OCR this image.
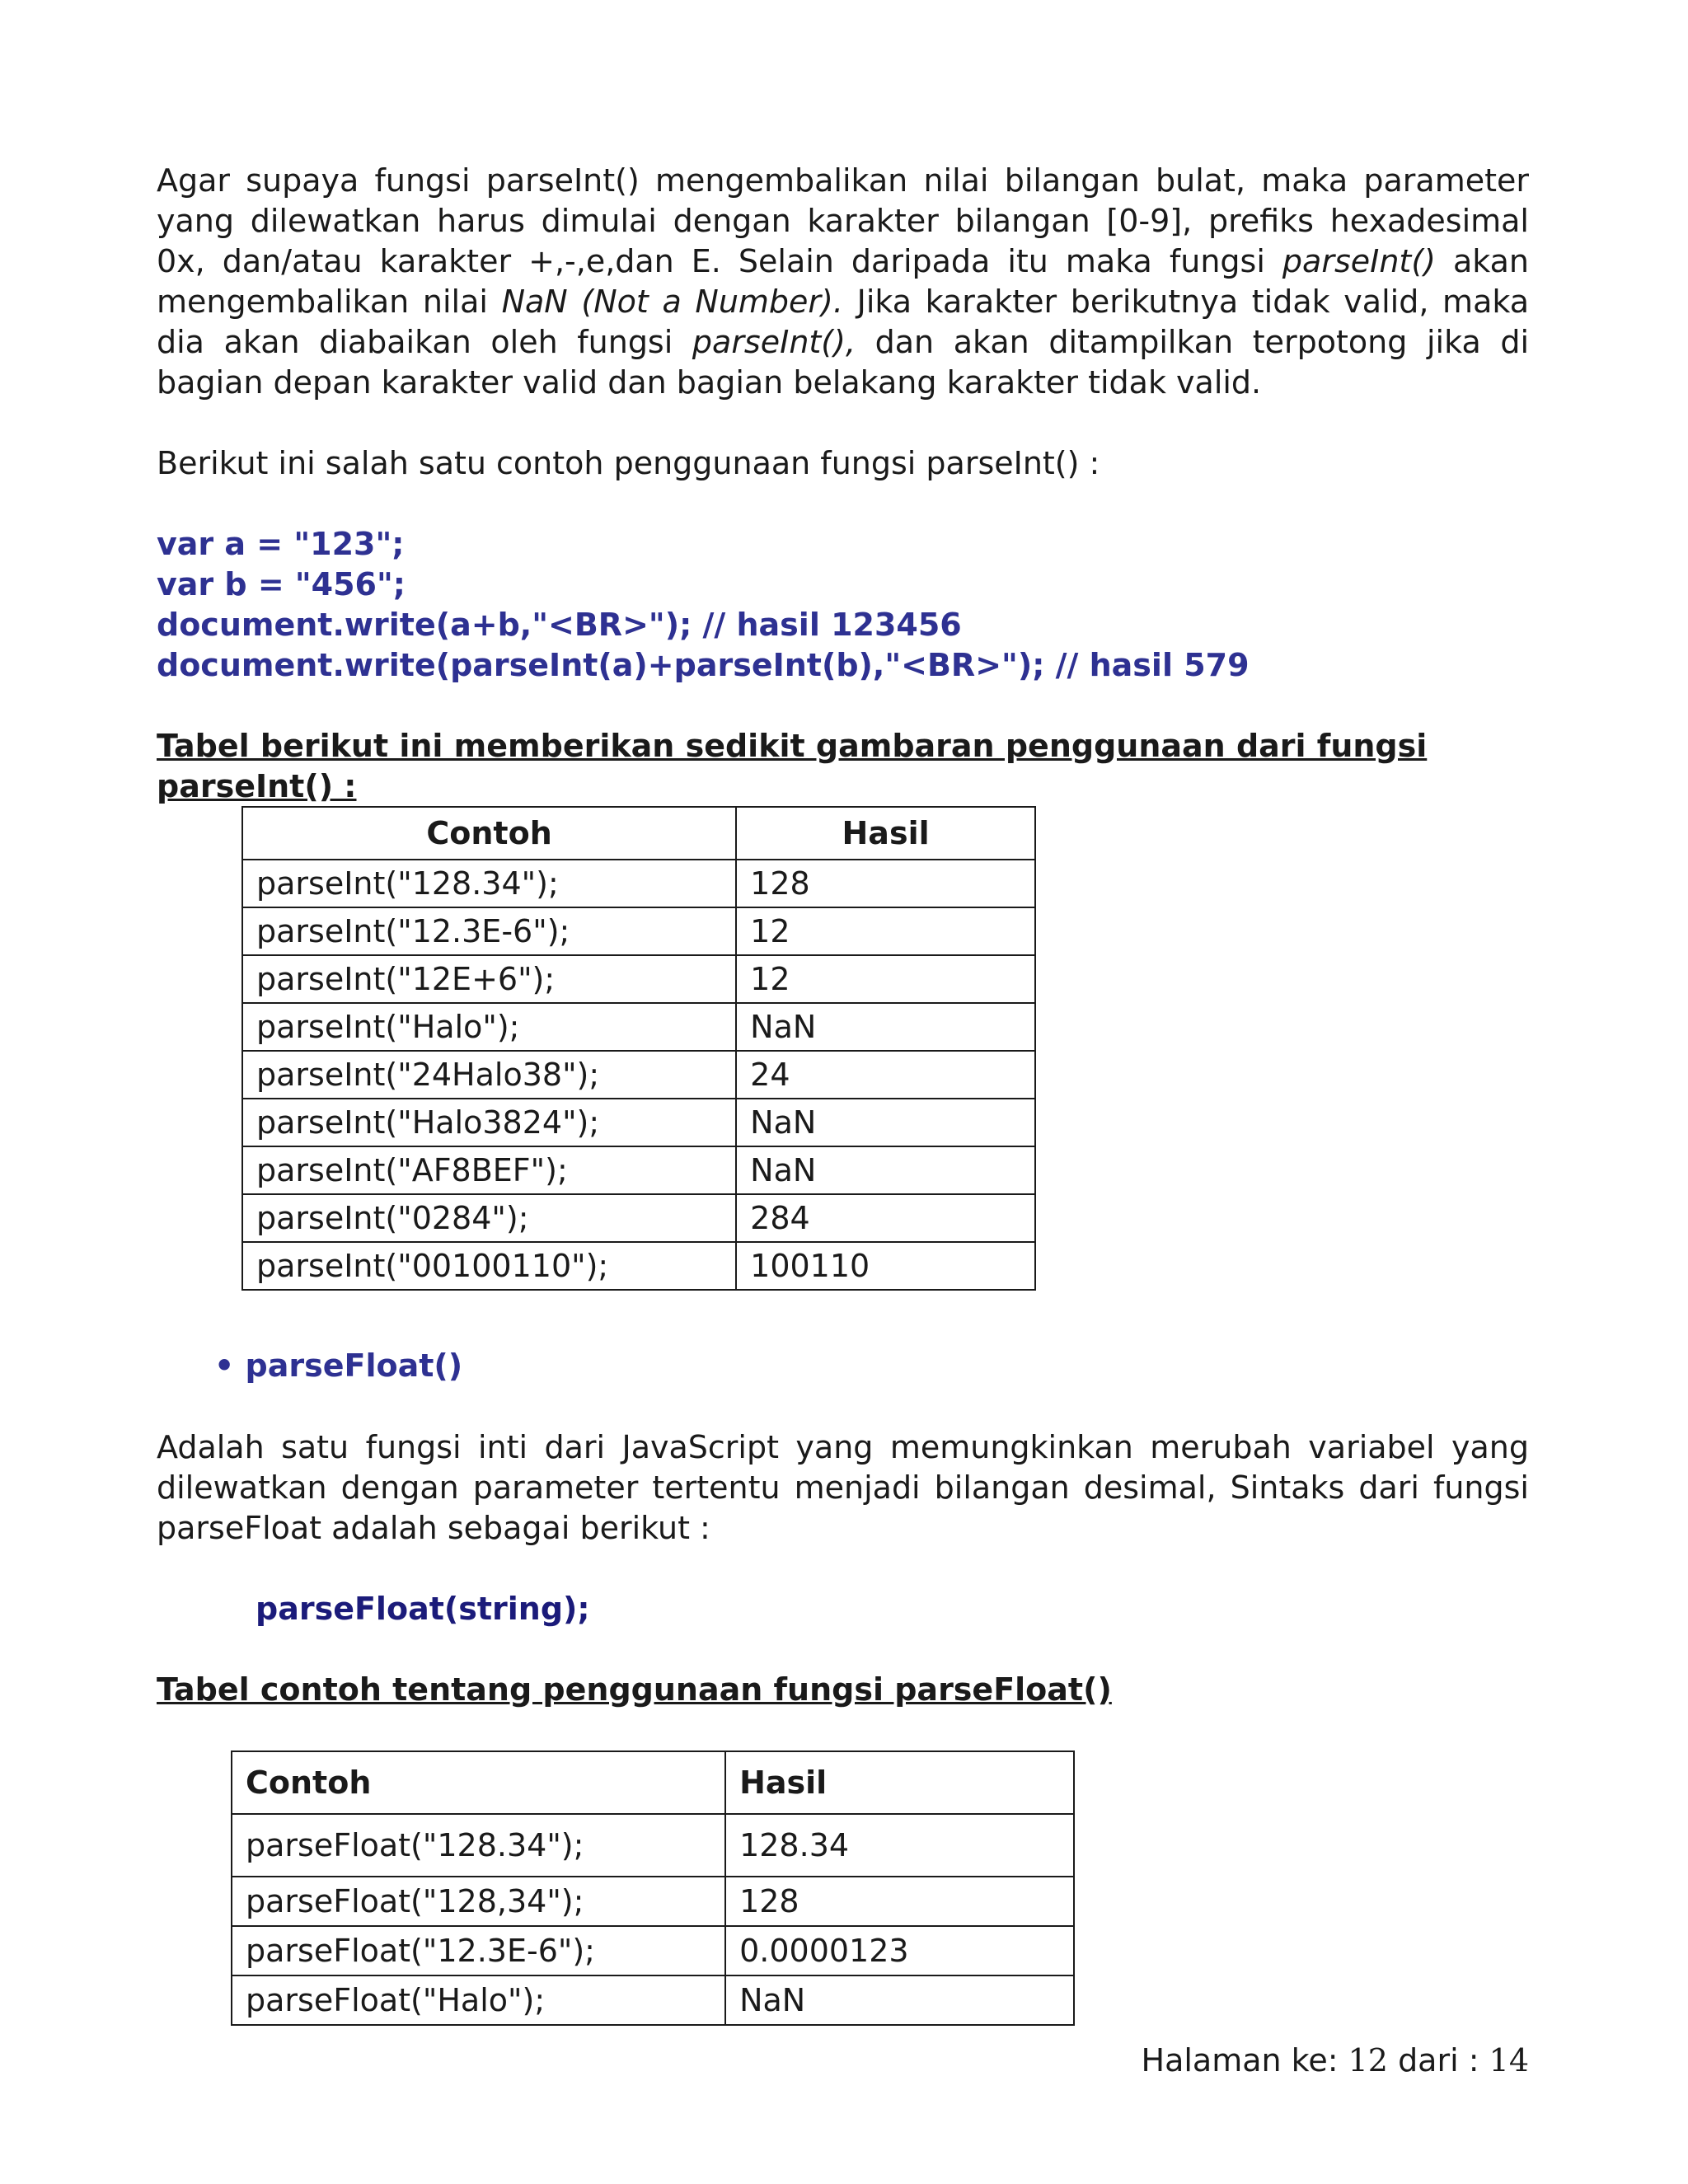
Agar supaya fungsi parseInt() mengembalikan nilai bilangan bulat, maka parameter
yang dilewatkan harus dimulai dengan karakter bilangan [0-9], prefiks hexadesimal
0x, dan/atau karakter +,-,e,dan E. Selain daripada itu maka fungsi parseInt() akan
mengembalikan nilai NaN (Not a Number). Jika karakter berikutnya tidak valid, maka
dia akan diabaikan oleh fungsi parseInt(), dan akan ditampilkan terpotong jika di
bagian depan karakter valid dan bagian belakang karakter tidak valid.
Berikut ini salah satu contoh penggunaan fungsi parseInt() :
var a = "123";
var b = "456";
document.write(a+b,"<BR>"); // hasil 123456
document.write(parseInt(a)+parseInt(b),"<BR>"); // hasil 579
Tabel berikut ini memberikan sedikit gambaran penggunaan dari fungsi parseInt() :
Contoh	Hasil
parseInt("128.34");	128
parseInt("12.3E-6");	12
parseInt("12E+6");	12
parseInt("Halo");	NaN
parseInt("24Halo38");	24
parseInt("Halo3824");	NaN
parseInt("AF8BEF");	NaN
parseInt("0284");	284
parseInt("00100110");	100110
• parseFloat()
Adalah satu fungsi inti dari JavaScript yang memungkinkan merubah variabel yang
dilewatkan dengan parameter tertentu menjadi bilangan desimal, Sintaks dari fungsi
parseFloat adalah sebagai berikut :
parseFloat(string);
Tabel contoh tentang penggunaan fungsi parseFloat()
Contoh	Hasil
parseFloat("128.34");	128.34
parseFloat("128,34");	128
parseFloat("12.3E-6");	0.0000123
parseFloat("Halo");	NaN
Halaman ke: 12 dari : 14
